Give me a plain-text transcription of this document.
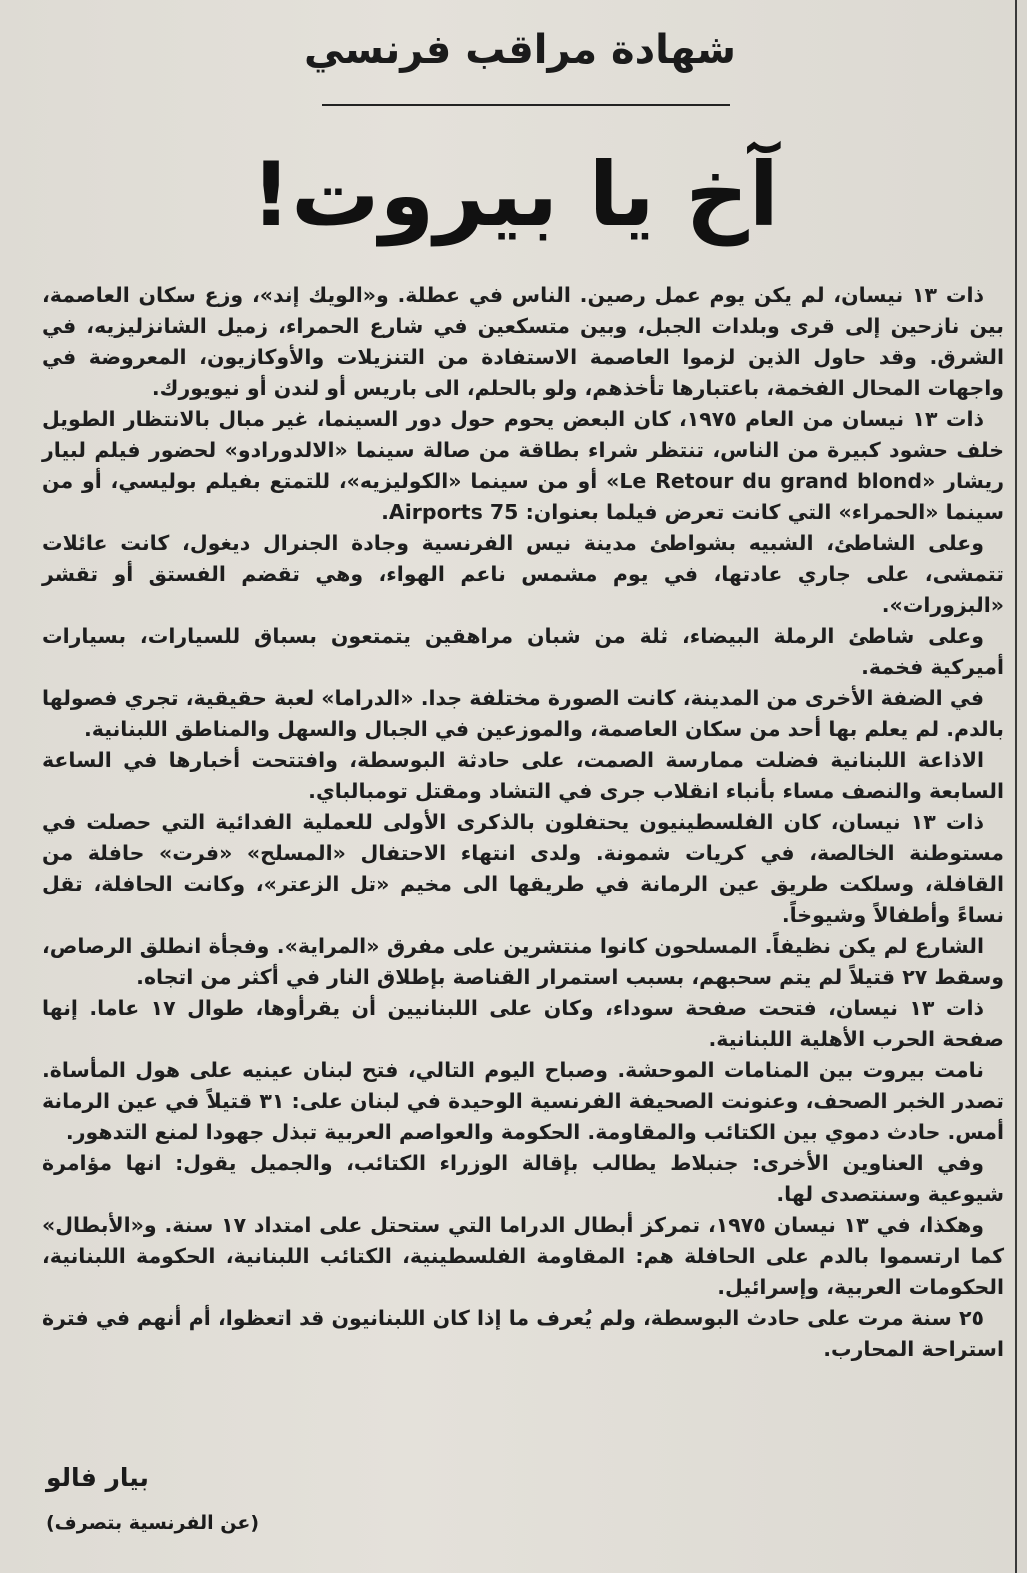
شهادة مراقب فرنسي
آخ يا بيروت!

ذات ١٣ نيسان، لم يكن يوم عمل رصين. الناس في عطلة. و«الويك إند»، وزع سكان العاصمة، بين نازحين إلى قرى وبلدات الجبل، وبين متسكعين في شارع الحمراء، زميل الشانزليزيه، في الشرق. وقد حاول الذين لزموا العاصمة الاستفادة من التنزيلات والأوكازيون، المعروضة في واجهات المحال الفخمة، باعتبارها تأخذهم، ولو بالحلم، الى باريس أو لندن أو نيويورك.

ذات ١٣ نيسان من العام ١٩٧٥، كان البعض يحوم حول دور السينما، غير مبال بالانتظار الطويل خلف حشود كبيرة من الناس، تنتظر شراء بطاقة من صالة سينما «الالدورادو» لحضور فيلم لبيار ريشار «Le Retour du grand blond» أو من سينما «الكوليزيه»، للتمتع بفيلم بوليسي، أو من سينما «الحمراء» التي كانت تعرض فيلما بعنوان: Airports 75.

وعلى الشاطئ، الشبيه بشواطئ مدينة نيس الفرنسية وجادة الجنرال ديغول، كانت عائلات تتمشى، على جاري عادتها، في يوم مشمس ناعم الهواء، وهي تقضم الفستق أو تقشر «البزورات».

وعلى شاطئ الرملة البيضاء، ثلة من شبان مراهقين يتمتعون بسباق للسيارات، بسيارات أميركية فخمة.

في الضفة الأخرى من المدينة، كانت الصورة مختلفة جدا. «الدراما» لعبة حقيقية، تجري فصولها بالدم. لم يعلم بها أحد من سكان العاصمة، والموزعين في الجبال والسهل والمناطق اللبنانية.

الاذاعة اللبنانية فضلت ممارسة الصمت، على حادثة البوسطة، وافتتحت أخبارها في الساعة السابعة والنصف مساء بأنباء انقلاب جرى في التشاد ومقتل تومبالباي.

ذات ١٣ نيسان، كان الفلسطينيون يحتفلون بالذكرى الأولى للعملية الفدائية التي حصلت في مستوطنة الخالصة، في كريات شمونة. ولدى انتهاء الاحتفال «المسلح» «فرت» حافلة من القافلة، وسلكت طريق عين الرمانة في طريقها الى مخيم «تل الزعتر»، وكانت الحافلة، تقل نساءً وأطفالاً وشيوخاً.

الشارع لم يكن نظيفاً. المسلحون كانوا منتشرين على مفرق «المراية». وفجأة انطلق الرصاص، وسقط ٢٧ قتيلاً لم يتم سحبهم، بسبب استمرار القناصة بإطلاق النار في أكثر من اتجاه.

ذات ١٣ نيسان، فتحت صفحة سوداء، وكان على اللبنانيين أن يقرأوها، طوال ١٧ عاما. إنها صفحة الحرب الأهلية اللبنانية.

نامت بيروت بين المنامات الموحشة. وصباح اليوم التالي، فتح لبنان عينيه على هول المأساة. تصدر الخبر الصحف، وعنونت الصحيفة الفرنسية الوحيدة في لبنان على: ٣١ قتيلاً في عين الرمانة أمس. حادث دموي بين الكتائب والمقاومة. الحكومة والعواصم العربية تبذل جهودا لمنع التدهور.

وفي العناوين الأخرى: جنبلاط يطالب بإقالة الوزراء الكتائب، والجميل يقول: انها مؤامرة شيوعية وسنتصدى لها.

وهكذا، في ١٣ نيسان ١٩٧٥، تمركز أبطال الدراما التي ستحتل على امتداد ١٧ سنة. و«الأبطال» كما ارتسموا بالدم على الحافلة هم: المقاومة الفلسطينية، الكتائب اللبنانية، الحكومة اللبنانية، الحكومات العربية، وإسرائيل.

٢٥ سنة مرت على حادث البوسطة، ولم يُعرف ما إذا كان اللبنانيون قد اتعظوا، أم أنهم في فترة استراحة المحارب.

بيار فالو
(عن الفرنسية بتصرف)
